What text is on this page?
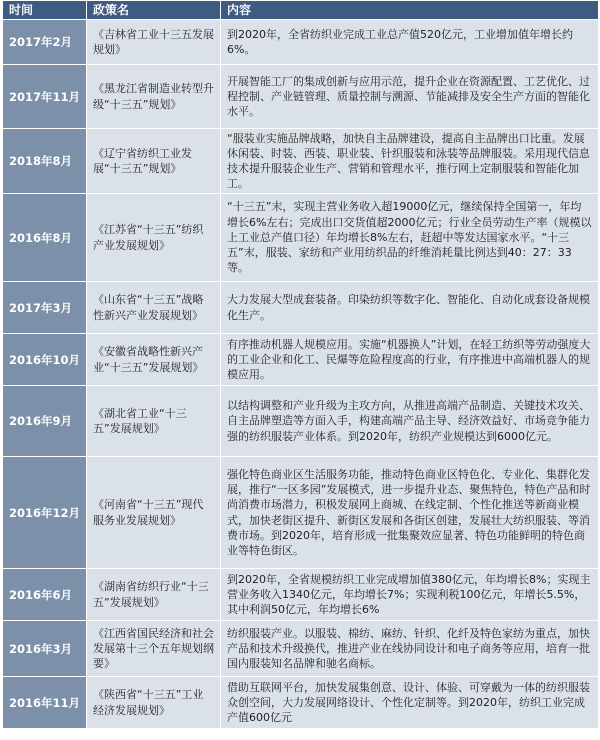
时间	政策名	内容
2017年2月	《吉林省工业十三五发展规划》	到2020年，全省纺织业完成工业总产值520亿元，工业增加值年增长约6%。
2017年11月	《黑龙江省制造业转型升级“十三五”规划》	开展智能工厂的集成创新与应用示范，提升企业在资源配置、工艺优化、过程控制、产业链管理、质量控制与溯源、节能减排及安全生产方面的智能化水平。
2018年8月	《辽宁省纺织工业发展“十三五”规划》	“服装业实施品牌战略，加快自主品牌建设，提高自主品牌出口比重。发展休闲装、时装、西装、职业装、针织服装和泳装等品牌服装。采用现代信息技术提升服装企业生产、营销和管理水平，推行网上定制服装和智能化加工。
2016年8月	《江苏省“十三五”纺织产业发展规划》	“十三五”末，实现主营业务收入超19000亿元，继续保持全国第一，年均增长6%左右；完成出口交货值超2000亿元；行业全员劳动生产率（规模以上工业总产值口径）年均增长8%左右，赶超中等发达国家水平。“十三五”末，服装、家纺和产业用纺织品的纤维消耗量比例达到40：27：33等。
2017年3月	《山东省“十三五”战略性新兴产业发展规划》	大力发展大型成套装备。印染纺织等数字化、智能化、自动化成套设备规模化生产。
2016年10月	《安徽省战略性新兴产业“十三五”发展规划》	有序推动机器人规模应用。实施“机器换人”计划，在轻工纺织等劳动强度大的工业企业和化工、民爆等危险程度高的行业，有序推进中高端机器人的规模应用。
2016年9月	《湖北省工业“十三五”发展规划》	以结构调整和产业升级为主攻方向，从推进高端产品制造、关键技术攻关、自主品牌塑造等方面入手，构建高端产品主导、经济效益好、市场竞争能力强的纺织服装产业体系。到2020年，纺织产业规模达到6000亿元。
2016年12月	《河南省“十三五”现代服务业发展规划》	强化特色商业区生活服务功能，推动特色商业区特色化、专业化、集群化发展，推行“一区多园”发展模式，进一步提升业态、聚焦特色，特色产品和时尚消费市场潜力，积极发展网上商城、在线定制、个性化推送等新商业模式，加快老街区提升、新街区发展和各街区创建，发展壮大纺织服装、等消费市场。到2020年，培育形成一批集聚效应显著、特色功能鲜明的特色商业等特色街区。
2016年6月	《湖南省纺织行业“十三五”发展规划》	到2020年，全省规模纺织工业完成增加值380亿元，年均增长8%；实现主营业务收入1340亿元，年均增长7%；实现利税100亿元，年增长5.5%，其中利润50亿元，年均增长6%
2016年3月	《江西省国民经济和社会发展第十三个五年规划纲要》	纺织服装产业。以服装、棉纺、麻纺、针织、化纤及特色家纺为重点，加快产品和技术升级换代，推进产业在线协同设计和电子商务等应用，培育一批国内服装知名品牌和驰名商标。
2016年11月	《陕西省“十三五”工业经济发展规划》	借助互联网平台，加快发展集创意、设计、体验、可穿戴为一体的纺织服装众创空间，大力发展网络设计、个性化定制等。到2020年，纺织工业完成产值600亿元
